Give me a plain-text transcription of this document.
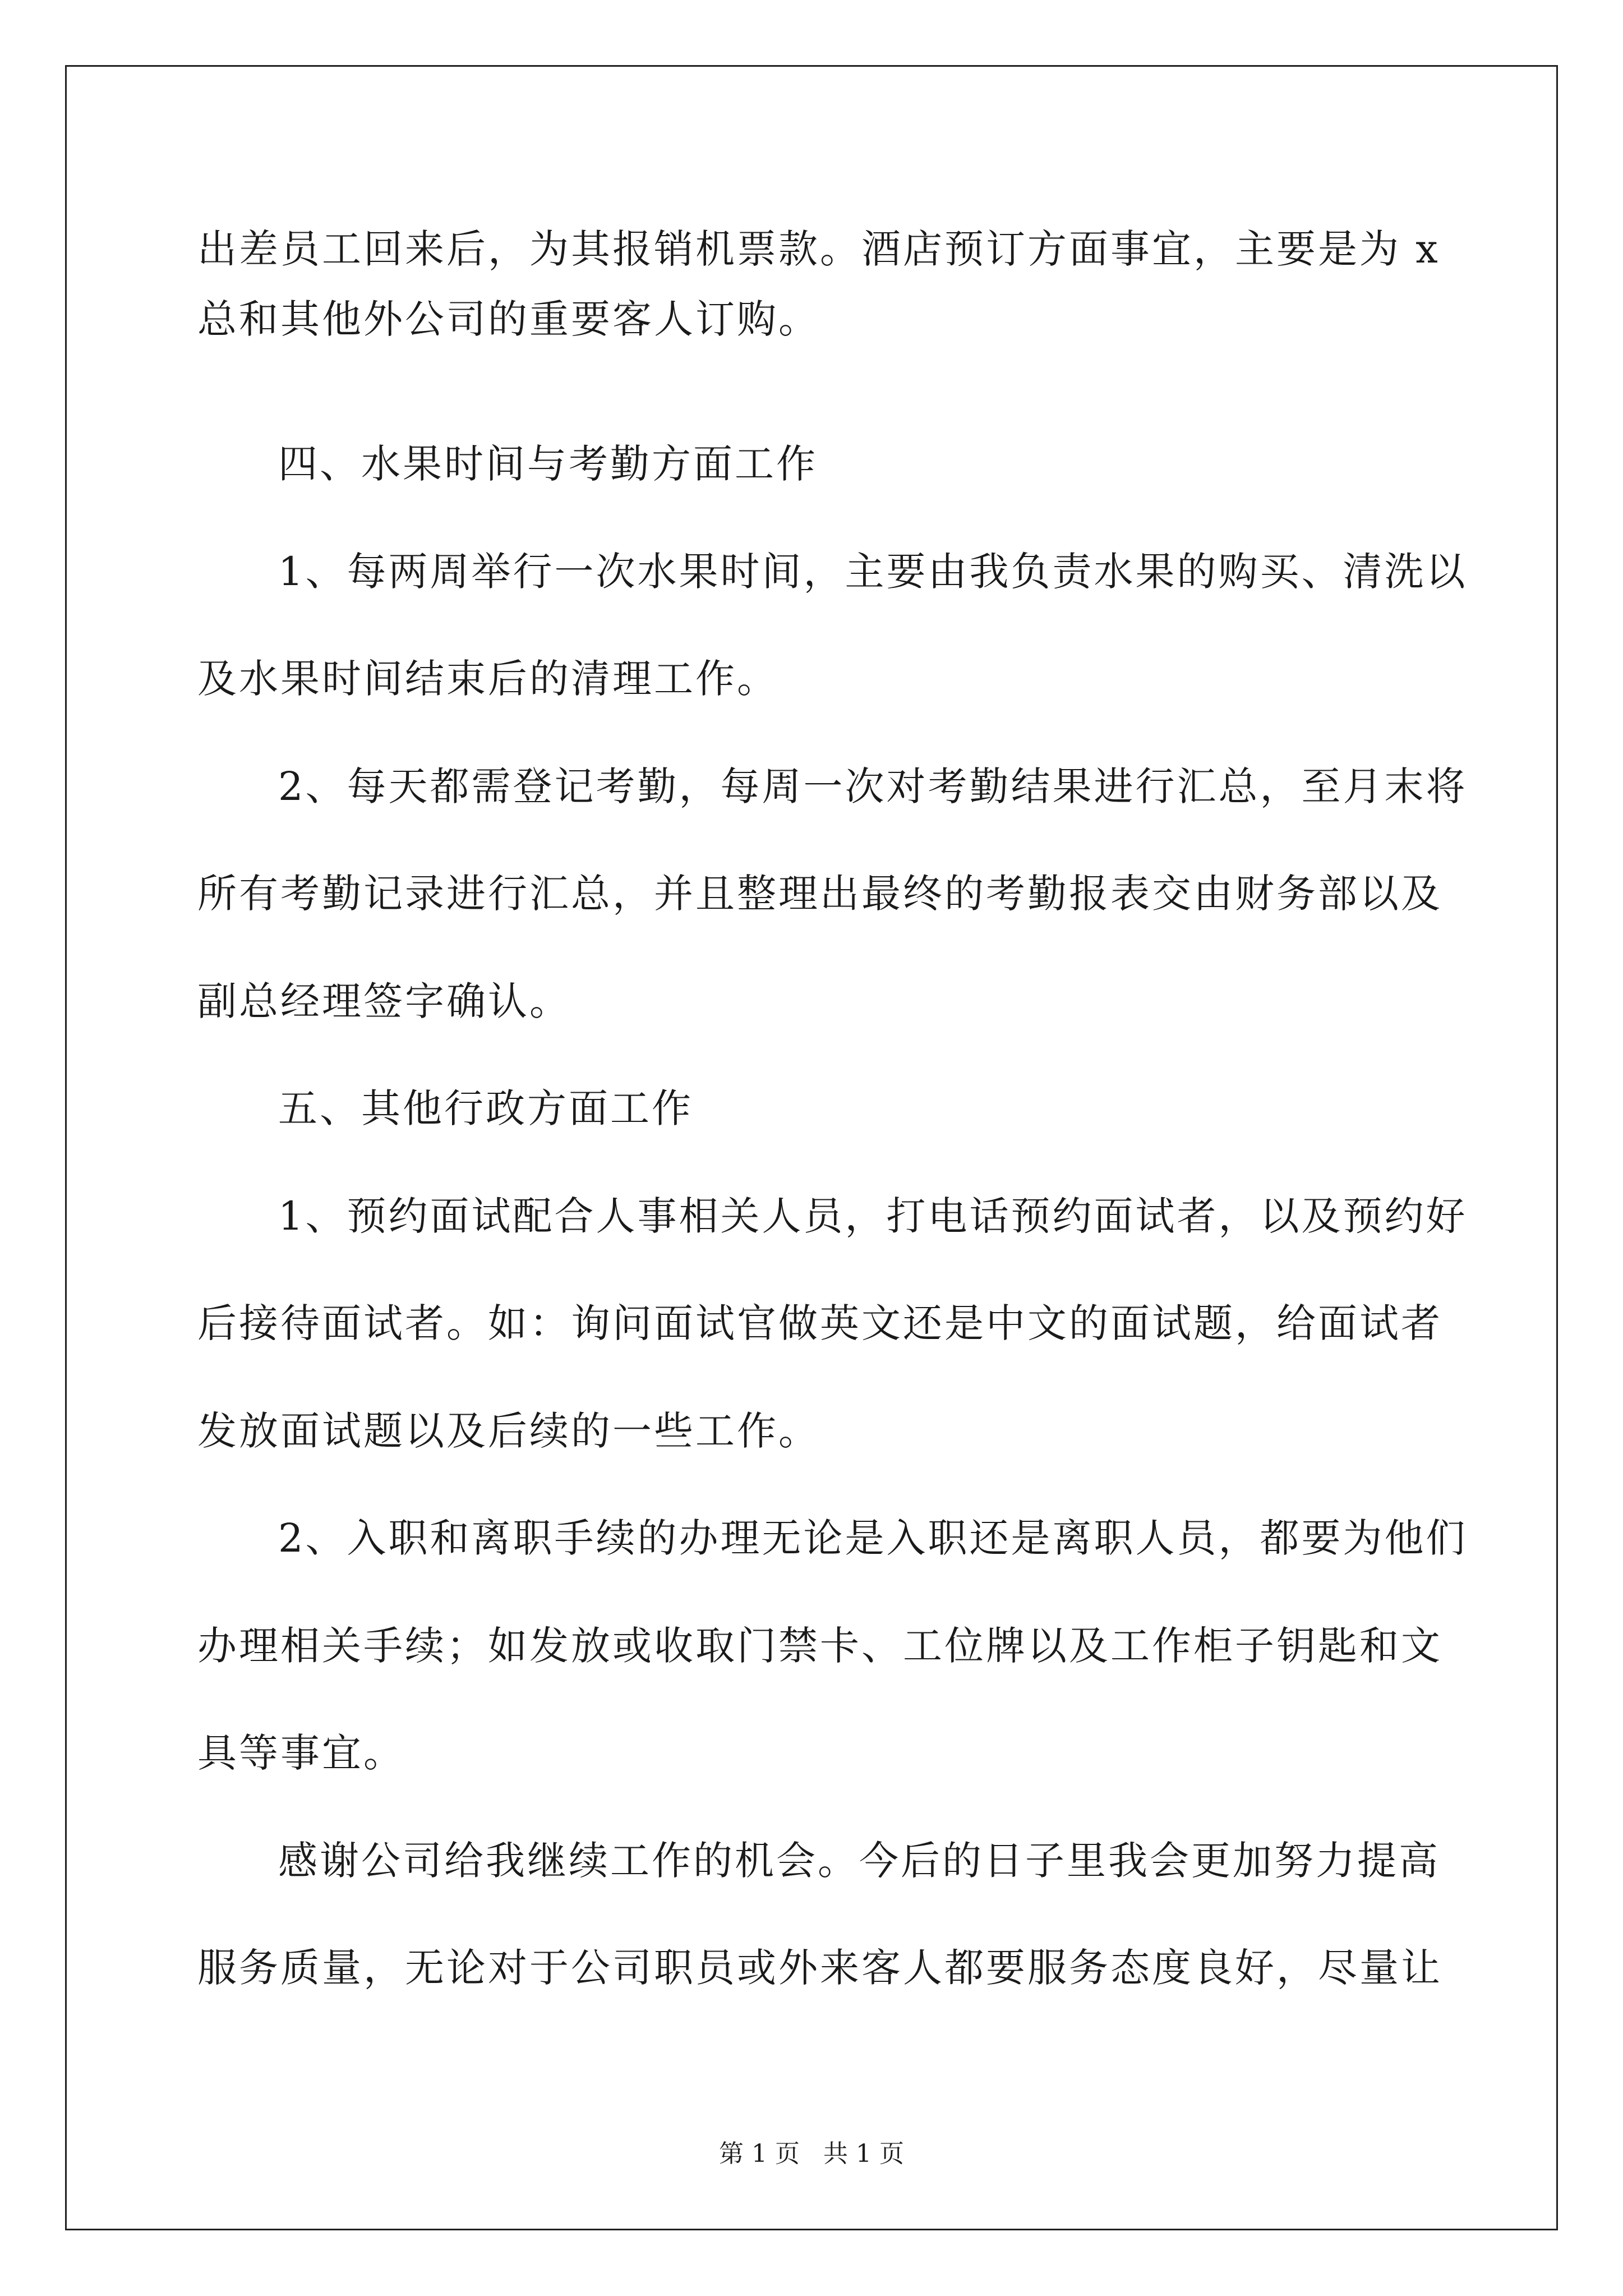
出差员工回来后，为其报销机票款。酒店预订方面事宜，主要是为 x
总和其他外公司的重要客人订购。
四、水果时间与考勤方面工作
1、每两周举行一次水果时间，主要由我负责水果的购买、清洗以
及水果时间结束后的清理工作。
2、每天都需登记考勤，每周一次对考勤结果进行汇总，至月末将
所有考勤记录进行汇总，并且整理出最终的考勤报表交由财务部以及
副总经理签字确认。
五、其他行政方面工作
1、预约面试配合人事相关人员，打电话预约面试者，以及预约好
后接待面试者。如：询问面试官做英文还是中文的面试题，给面试者
发放面试题以及后续的一些工作。
2、入职和离职手续的办理无论是入职还是离职人员，都要为他们
办理相关手续；如发放或收取门禁卡、工位牌以及工作柜子钥匙和文
具等事宜。
感谢公司给我继续工作的机会。今后的日子里我会更加努力提高
服务质量，无论对于公司职员或外来客人都要服务态度良好，尽量让
第 1 页   共 1 页
